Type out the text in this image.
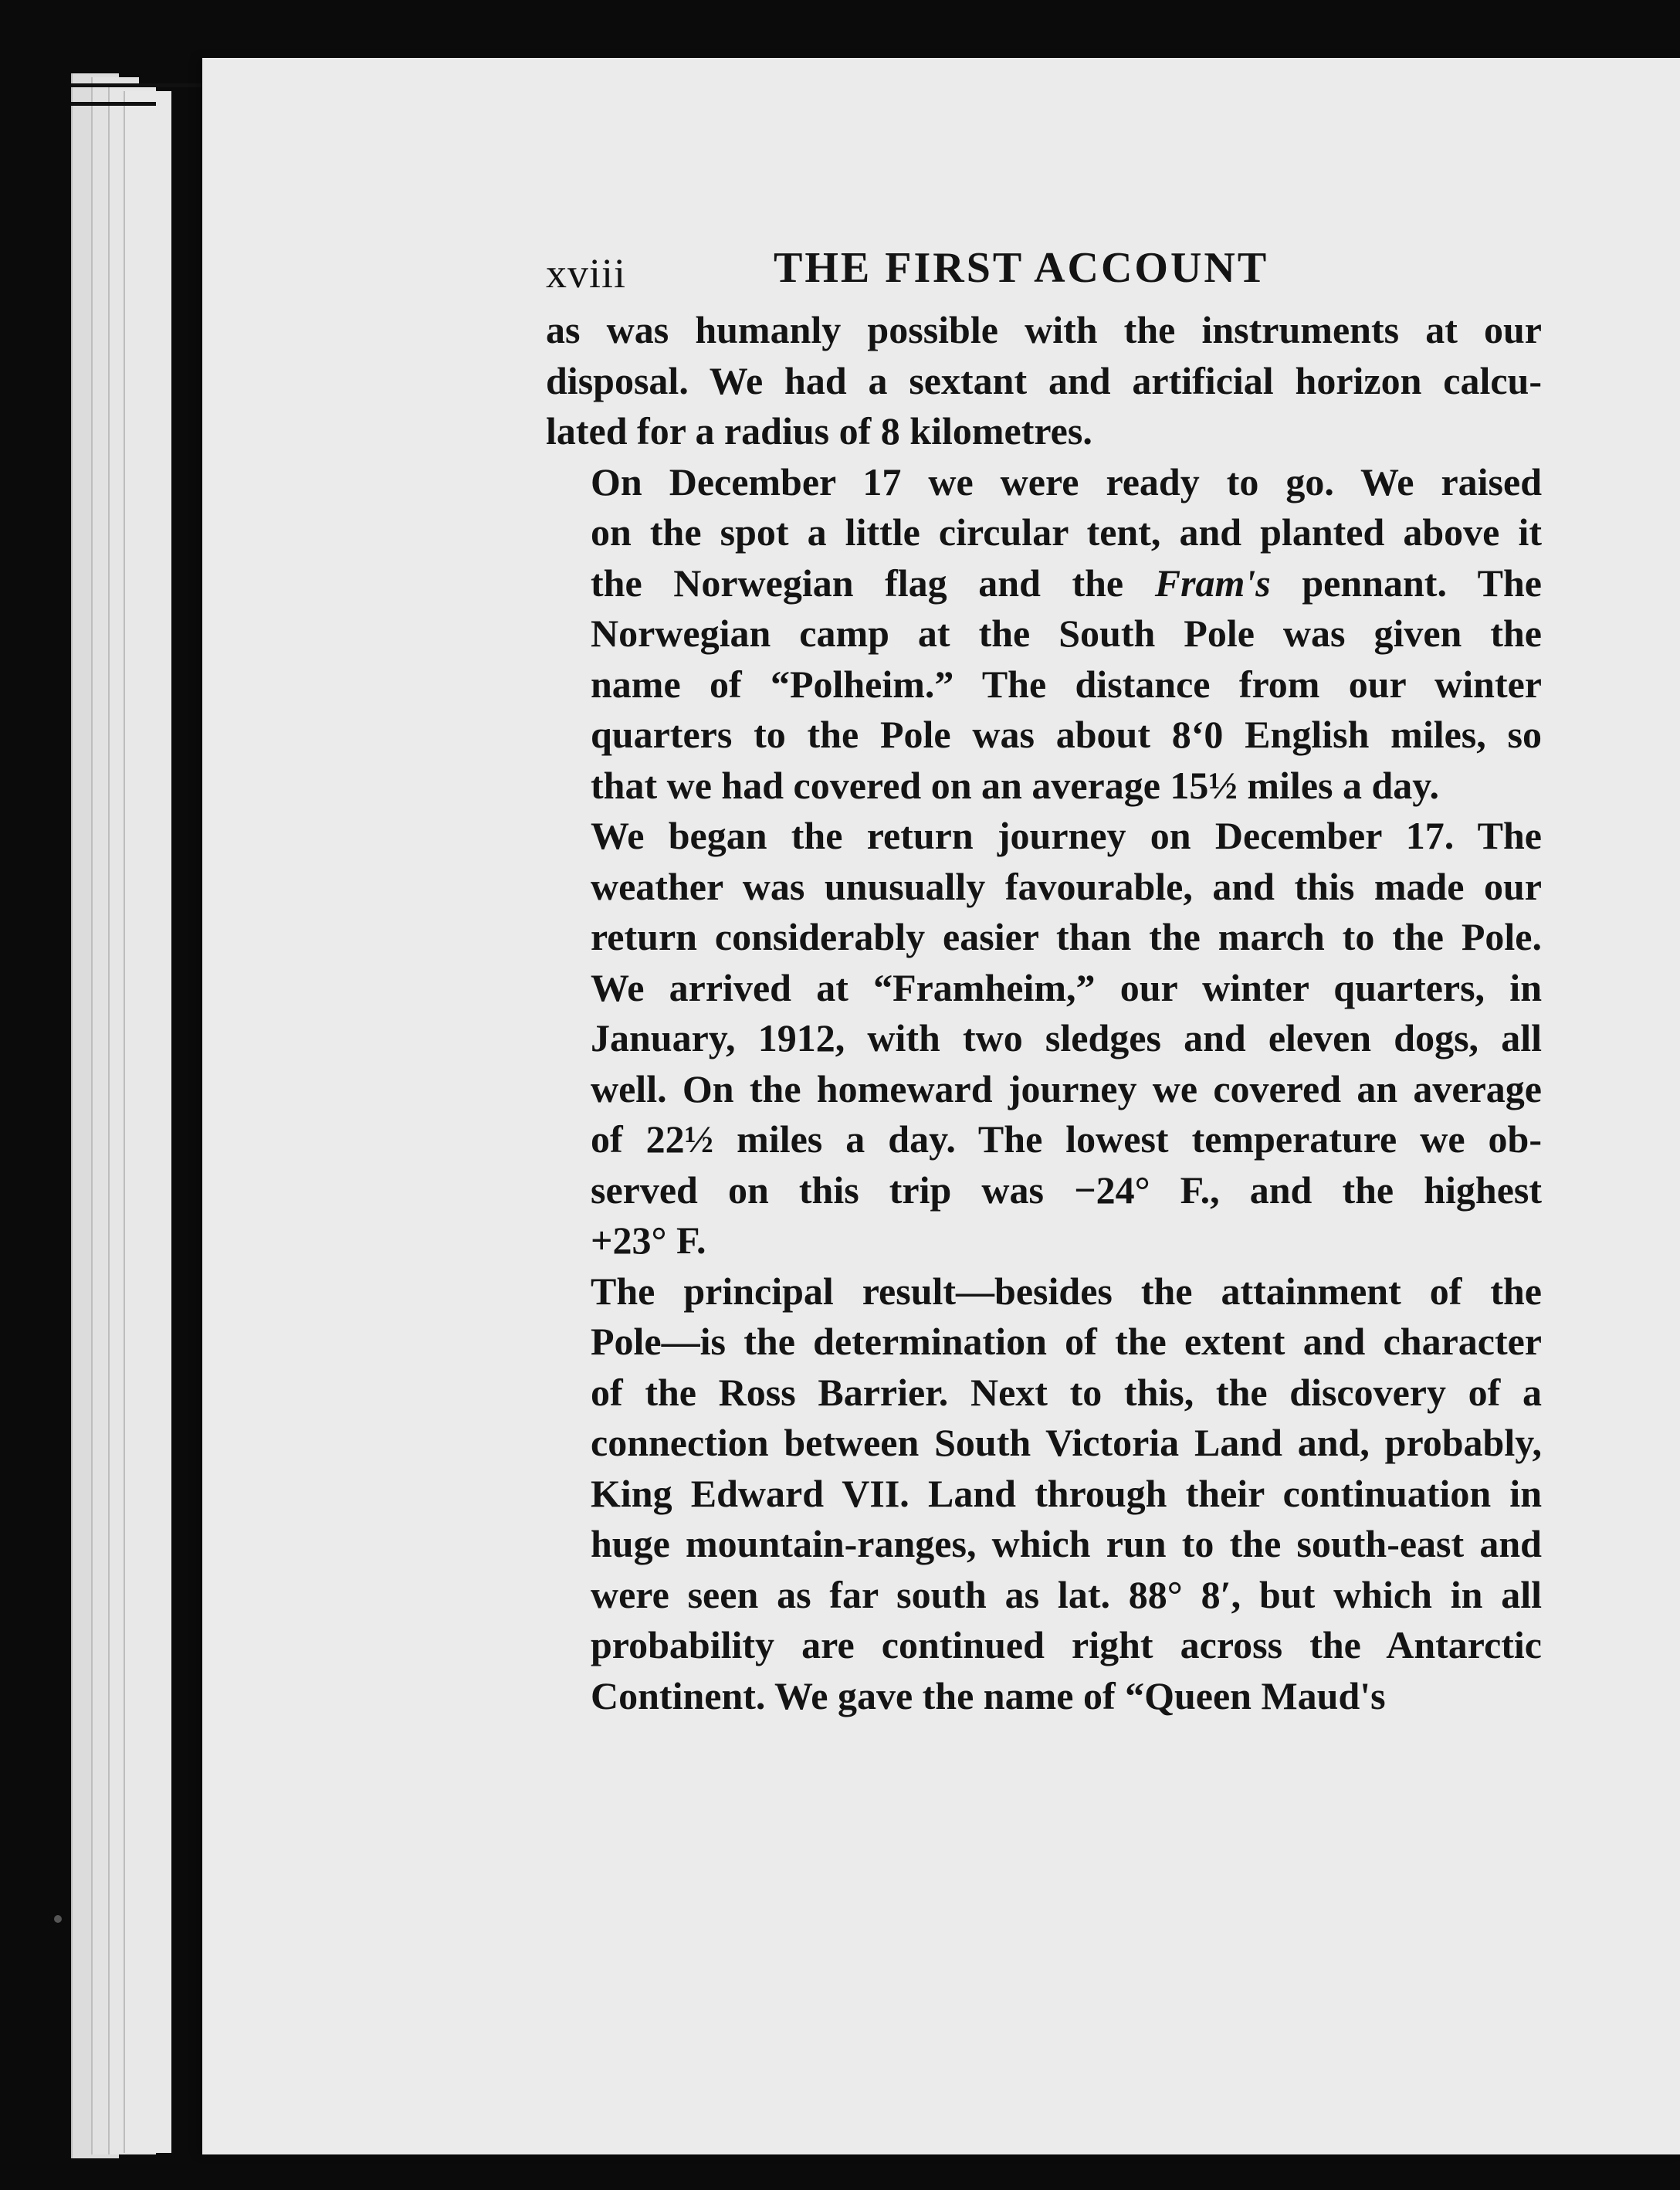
xviii	THE FIRST ACCOUNT

as was humanly possible with the instruments at our
disposal. We had a sextant and artificial horizon calcu-
lated for a radius of 8 kilometres.

On December 17 we were ready to go. We raised
on the spot a little circular tent, and planted above it
the Norwegian flag and the Fram's pennant. The
Norwegian camp at the South Pole was given the
name of “Polheim.” The distance from our winter
quarters to the Pole was about 8ʻ0 English miles, so
that we had covered on an average 15½ miles a day.

We began the return journey on December 17. The
weather was unusually favourable, and this made our
return considerably easier than the march to the Pole.
We arrived at “Framheim,” our winter quarters, in
January, 1912, with two sledges and eleven dogs, all
well. On the homeward journey we covered an average
of 22½ miles a day. The lowest temperature we ob-
served on this trip was −24° F., and the highest
+23° F.

The principal result—besides the attainment of the
Pole—is the determination of the extent and character
of the Ross Barrier. Next to this, the discovery of a
connection between South Victoria Land and, probably,
King Edward VII. Land through their continuation in
huge mountain-ranges, which run to the south-east and
were seen as far south as lat. 88° 8′, but which in all
probability are continued right across the Antarctic
Continent. We gave the name of “Queen Maud's
